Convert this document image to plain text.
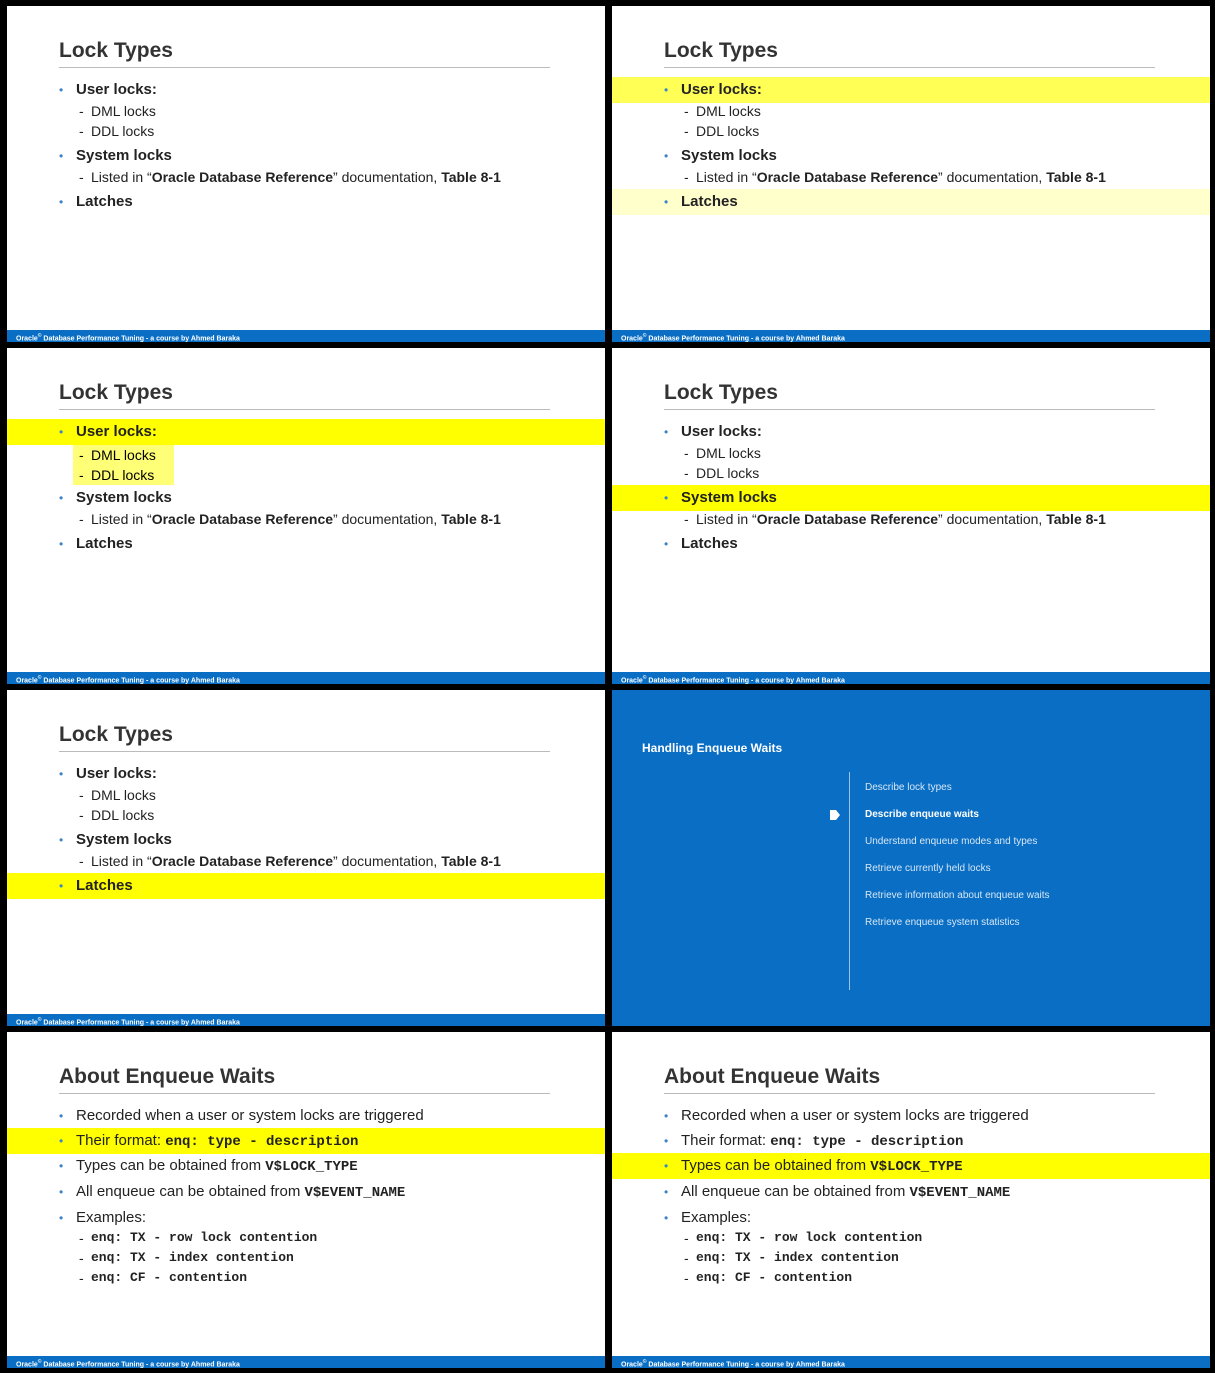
Lock Types
• User locks:
- DML locks
- DDL locks
• System locks
- Listed in “Oracle Database Reference” documentation, Table 8-1
• Latches
Oracle© Database Performance Tuning - a course by Ahmed Baraka
Lock Types
• User locks:
- DML locks
- DDL locks
• System locks
- Listed in “Oracle Database Reference” documentation, Table 8-1
• Latches
Oracle© Database Performance Tuning - a course by Ahmed Baraka
Lock Types
• User locks:
- DML locks
- DDL locks
• System locks
- Listed in “Oracle Database Reference” documentation, Table 8-1
• Latches
Oracle© Database Performance Tuning - a course by Ahmed Baraka
Lock Types
• User locks:
- DML locks
- DDL locks
• System locks
- Listed in “Oracle Database Reference” documentation, Table 8-1
• Latches
Oracle© Database Performance Tuning - a course by Ahmed Baraka
Lock Types
• User locks:
- DML locks
- DDL locks
• System locks
- Listed in “Oracle Database Reference” documentation, Table 8-1
• Latches
Oracle© Database Performance Tuning - a course by Ahmed Baraka
Handling Enqueue Waits
Describe lock types
Describe enqueue waits
Understand enqueue modes and types
Retrieve currently held locks
Retrieve information about enqueue waits
Retrieve enqueue system statistics
About Enqueue Waits
• Recorded when a user or system locks are triggered
• Their format: enq: type - description
• Types can be obtained from V$LOCK_TYPE
• All enqueue can be obtained from V$EVENT_NAME
• Examples:
- enq: TX - row lock contention
- enq: TX - index contention
- enq: CF - contention
Oracle© Database Performance Tuning - a course by Ahmed Baraka
About Enqueue Waits
• Recorded when a user or system locks are triggered
• Their format: enq: type - description
• Types can be obtained from V$LOCK_TYPE
• All enqueue can be obtained from V$EVENT_NAME
• Examples:
- enq: TX - row lock contention
- enq: TX - index contention
- enq: CF - contention
Oracle© Database Performance Tuning - a course by Ahmed Baraka
